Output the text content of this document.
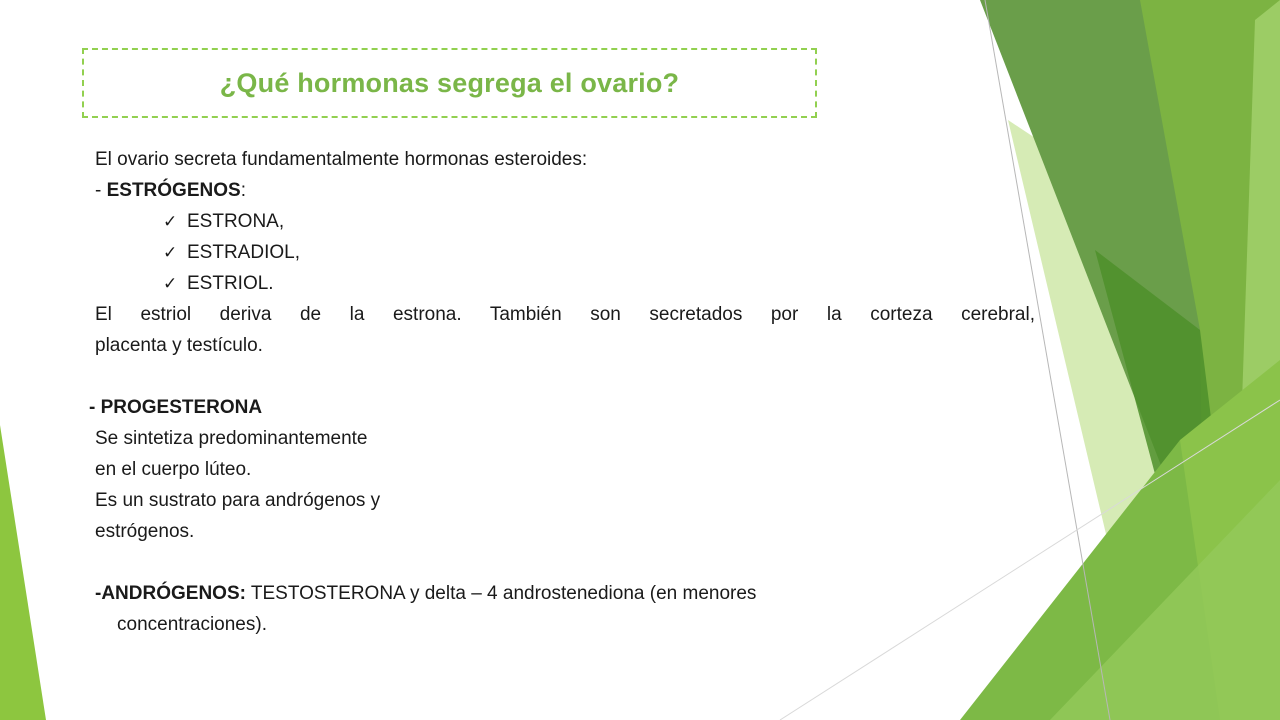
¿Qué hormonas segrega el ovario?

El ovario secreta fundamentalmente hormonas esteroides:

- ESTRÓGENOS:

✓ ESTRONA,
✓ ESTRADIOL,
✓ ESTRIOL.

El estriol deriva de la estrona. También son secretados por la corteza cerebral,

placenta y testículo.

- PROGESTERONA

Se sintetiza predominantemente

en el cuerpo lúteo.

Es un sustrato para andrógenos y

estrógenos.

-ANDRÓGENOS: TESTOSTERONA y delta – 4 androstenediona (en menores

concentraciones).
